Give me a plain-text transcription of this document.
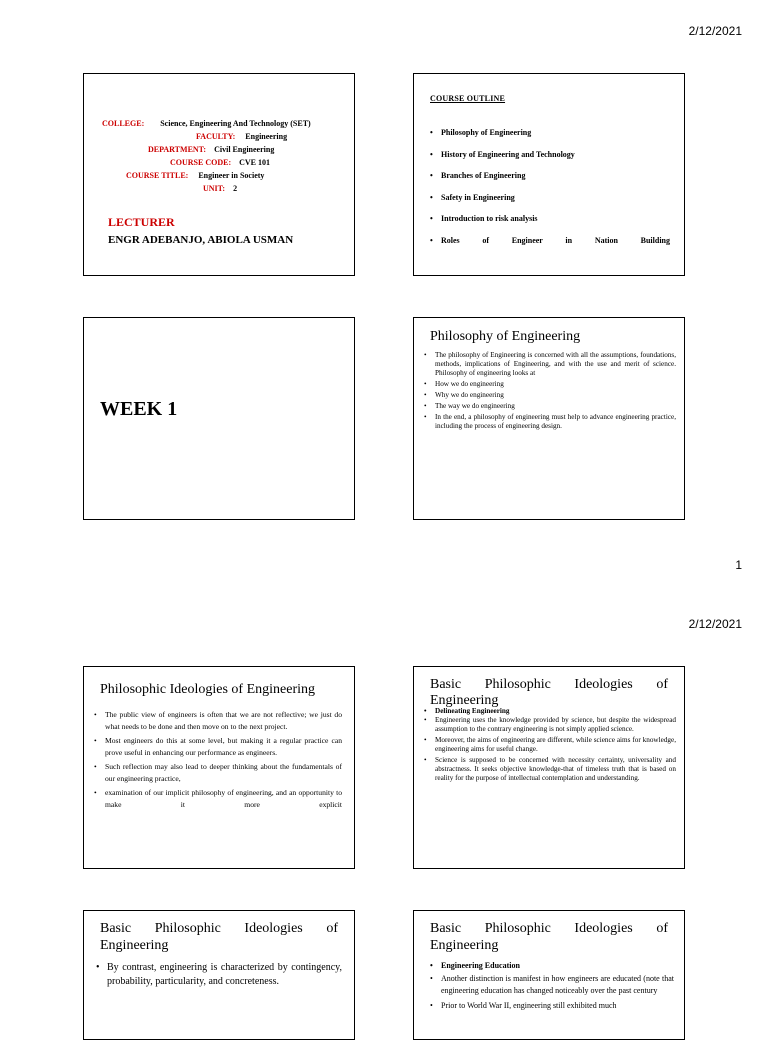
2/12/2021
COLLEGE: Science, Engineering And Technology (SET)
FACULTY: Engineering
DEPARTMENT: Civil Engineering
COURSE CODE: CVE 101
COURSE TITLE: Engineer in Society
UNIT: 2
LECTURER
ENGR ADEBANJO, ABIOLA USMAN
COURSE OUTLINE
• Philosophy of Engineering
• History of Engineering and Technology
• Branches of Engineering
• Safety in Engineering
• Introduction to risk analysis
• Roles of Engineer in Nation Building
WEEK 1
Philosophy of Engineering
• The philosophy of Engineering is concerned with all the assumptions, foundations, methods, implications of Engineering, and with the use and merit of science. Philosophy of engineering looks at
• How we do engineering
• Why we do engineering
• The way we do engineering
• In the end, a philosophy of engineering must help to advance engineering practice, including the process of engineering design.
1
2/12/2021
Philosophic Ideologies of Engineering
• The public view of engineers is often that we are not reflective; we just do what needs to be done and then move on to the next project.
• Most engineers do this at some level, but making it a regular practice can prove useful in enhancing our performance as engineers.
• Such reflection may also lead to deeper thinking about the fundamentals of our engineering practice,
• examination of our implicit philosophy of engineering, and an opportunity to make it more explicit
Basic Philosophic Ideologies of Engineering
• Delineating Engineering
• Engineering uses the knowledge provided by science, but despite the widespread assumption to the contrary engineering is not simply applied science.
• Moreover, the aims of engineering are different, while science aims for knowledge, engineering aims for useful change.
• Science is supposed to be concerned with necessity certainty, universality and abstractness. It seeks objective knowledge-that of timeless truth that is based on reality for the purpose of intellectual contemplation and understanding.
Basic Philosophic Ideologies of Engineering
• By contrast, engineering is characterized by contingency, probability, particularity, and concreteness.
Basic Philosophic Ideologies of Engineering
• Engineering Education
• Another distinction is manifest in how engineers are educated (note that engineering education has changed noticeably over the past century
• Prior to World War II, engineering still exhibited much
